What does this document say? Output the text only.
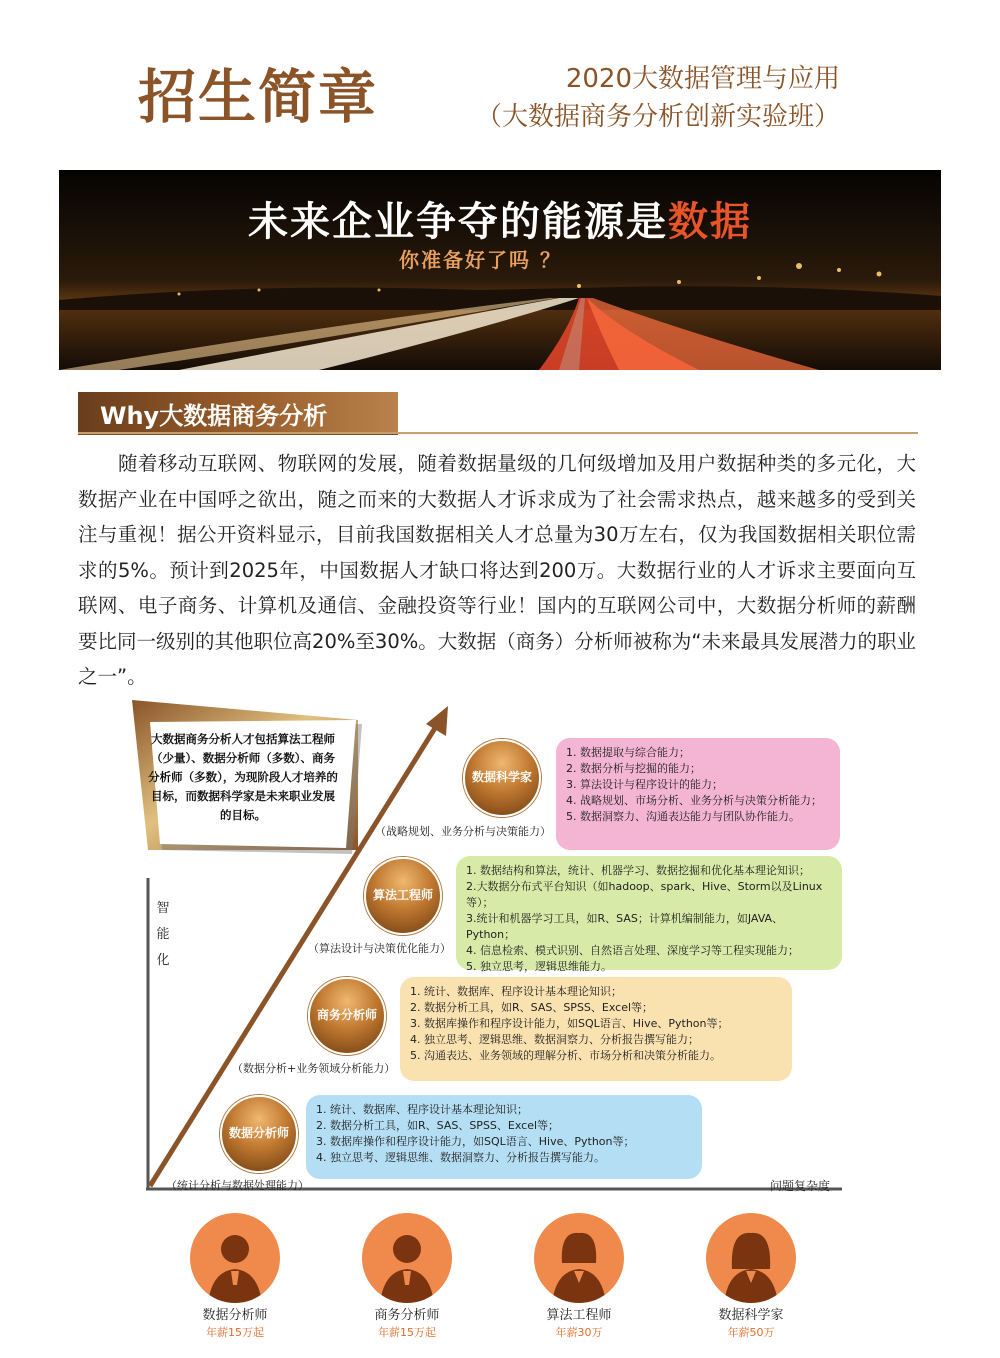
招生简章	2020大数据管理与应用
（大数据商务分析创新实验班）
未来企业争夺的能源是数据
你准备好了吗 ？
Why大数据商务分析
随着移动互联网、物联网的发展，随着数据量级的几何级增加及用户数据种类的多元化，大数据产业在中国呼之欲出，随之而来的大数据人才诉求成为了社会需求热点，越来越多的受到关注与重视！据公开资料显示，目前我国数据相关人才总量为30万左右，仅为我国数据相关职位需求的5%。预计到2025年，中国数据人才缺口将达到200万。大数据行业的人才诉求主要面向互联网、电子商务、计算机及通信、金融投资等行业！国内的互联网公司中，大数据分析师的薪酬要比同一级别的其他职位高20%至30%。大数据（商务）分析师被称为“未来最具发展潜力的职业之一”。
大数据商务分析人才包括算法工程师（少量）、数据分析师（多数）、商务分析师（多数），为现阶段人才培养的目标，而数据科学家是未来职业发展的目标。
智能化
问题复杂度
数据科学家
（战略规划、业务分析与决策能力）
1. 数据提取与综合能力；
2. 数据分析与挖掘的能力；
3. 算法设计与程序设计的能力；
4. 战略规划、市场分析、业务分析与决策分析能力；
5. 数据洞察力、沟通表达能力与团队协作能力。
算法工程师
（算法设计与决策优化能力）
1. 数据结构和算法，统计、机器学习、数据挖掘和优化基本理论知识；
2.大数据分布式平台知识（如hadoop、spark、Hive、Storm以及Linux等）；
3.统计和机器学习工具，如R、SAS；计算机编制能力，如JAVA、Python；
4. 信息检索、模式识别、自然语言处理、深度学习等工程实现能力；
5. 独立思考，逻辑思维能力。
商务分析师
（数据分析+业务领域分析能力）
1. 统计、数据库、程序设计基本理论知识；
2. 数据分析工具，如R、SAS、SPSS、Excel等；
3. 数据库操作和程序设计能力，如SQL语言、Hive、Python等；
4. 独立思考、逻辑思维、数据洞察力、分析报告撰写能力；
5. 沟通表达、业务领域的理解分析、市场分析和决策分析能力。
数据分析师
（统计分析与数据处理能力）
1. 统计、数据库、程序设计基本理论知识；
2. 数据分析工具，如R、SAS、SPSS、Excel等；
3. 数据库操作和程序设计能力，如SQL语言、Hive、Python等；
4. 独立思考、逻辑思维、数据洞察力、分析报告撰写能力。
数据分析师
年薪15万起
商务分析师
年薪15万起
算法工程师
年薪30万
数据科学家
年薪50万
